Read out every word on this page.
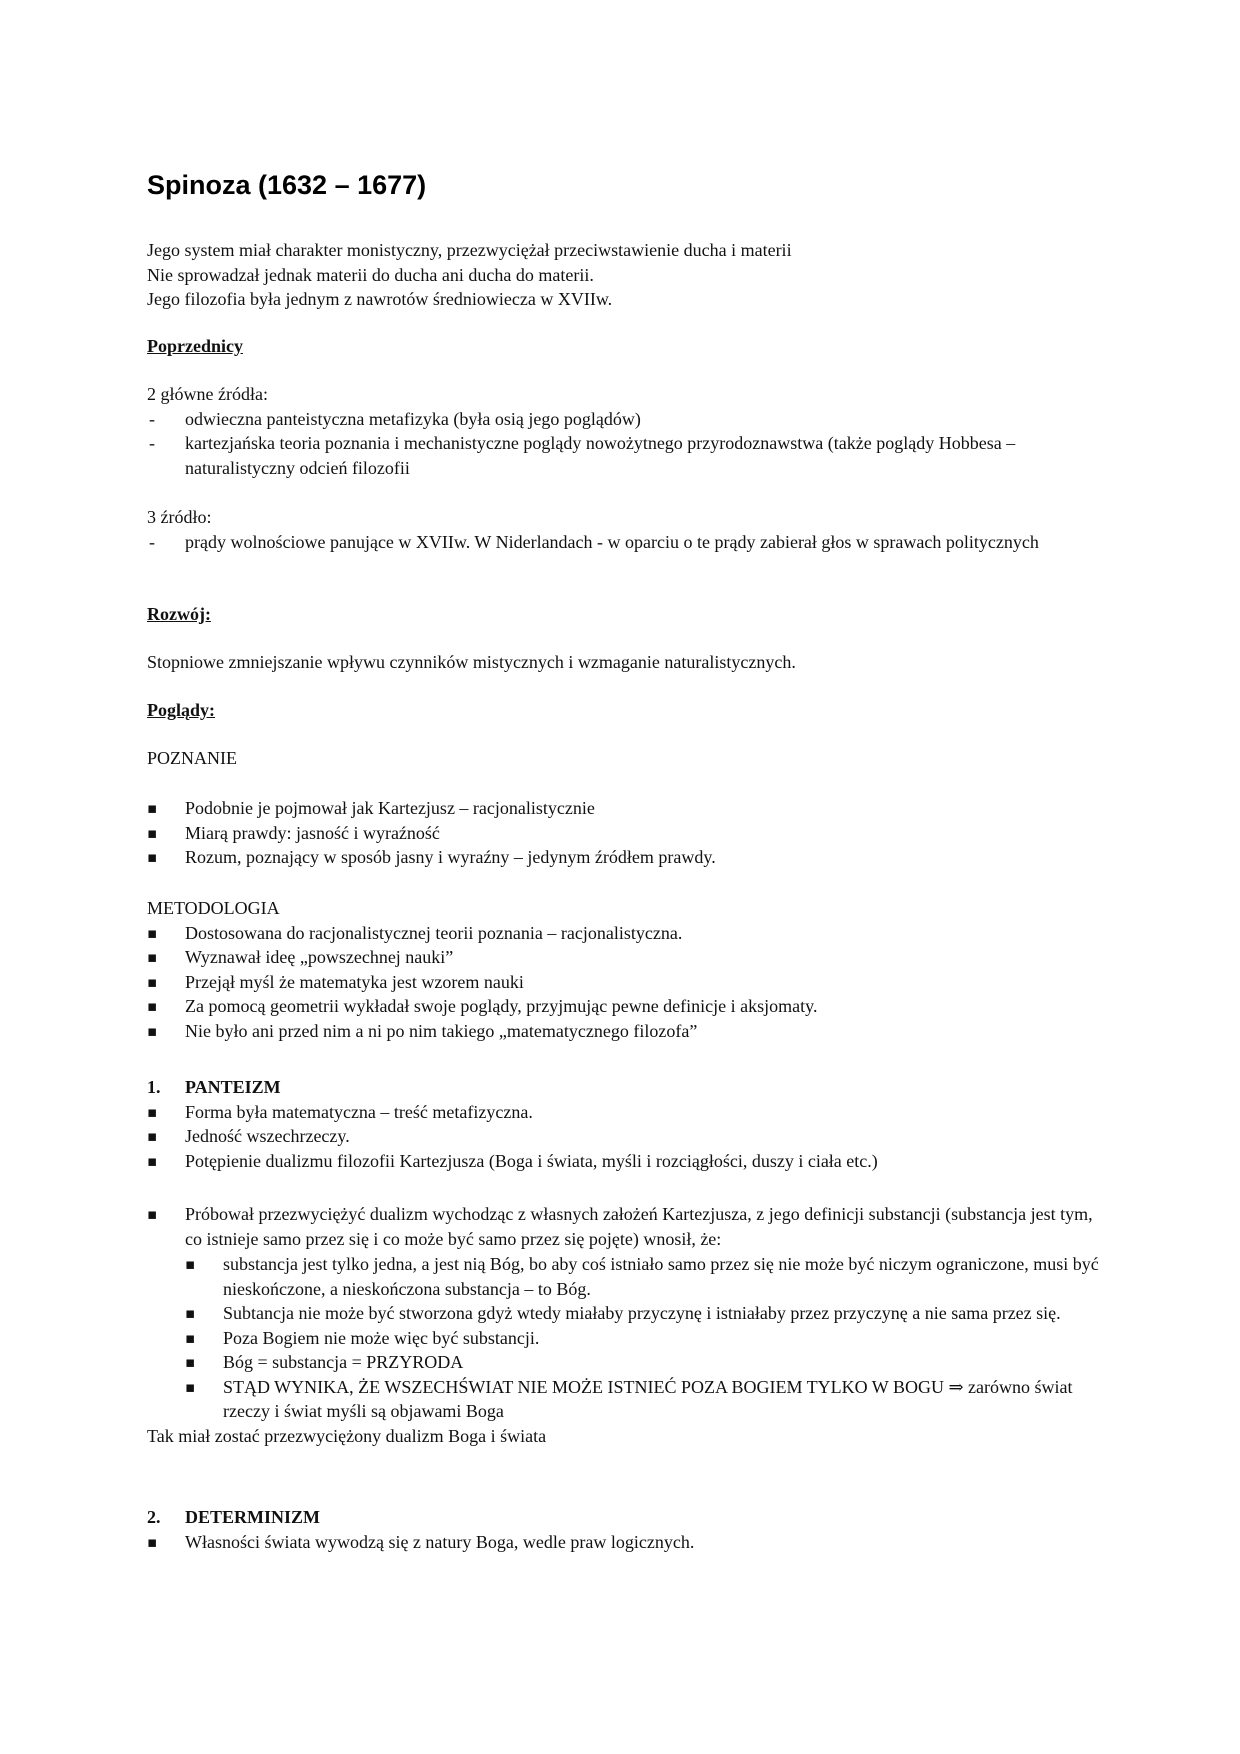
Spinoza (1632 – 1677)

Jego system miał charakter monistyczny, przezwyciężał przeciwstawienie ducha i materii

Nie sprowadzał jednak materii do ducha ani ducha do materii.

Jego filozofia była jednym z nawrotów średniowiecza w XVIIw.

Poprzednicy

2 główne źródła:

- odwieczna panteistyczna metafizyka (była osią jego poglądów)
- kartezjańska teoria poznania i mechanistyczne poglądy nowożytnego przyrodoznawstwa (także poglądy Hobbesa – naturalistyczny odcień filozofii

3 źródło:

- prądy wolnościowe panujące w XVIIw. W Niderlandach - w oparciu o te prądy zabierał głos w sprawach politycznych

Rozwój:

Stopniowe zmniejszanie wpływu czynników mistycznych i wzmaganie naturalistycznych.

Poglądy:

POZNANIE

▪ Podobnie je pojmował jak Kartezjusz – racjonalistycznie
▪ Miarą prawdy: jasność i wyraźność
▪ Rozum, poznający w sposób jasny i wyraźny – jedynym źródłem prawdy.

METODOLOGIA

▪ Dostosowana do racjonalistycznej teorii poznania – racjonalistyczna.
▪ Wyznawał ideę „powszechnej nauki”
▪ Przejął myśl że matematyka jest wzorem nauki
▪ Za pomocą geometrii wykładał swoje poglądy, przyjmując pewne definicje i aksjomaty.
▪ Nie było ani przed nim a ni po nim takiego „matematycznego filozofa”

1. PANTEIZM

▪ Forma była matematyczna – treść metafizyczna.
▪ Jedność wszechrzeczy.
▪ Potępienie dualizmu filozofii Kartezjusza (Boga i świata, myśli i rozciągłości, duszy i ciała etc.)
▪ Próbował przezwyciężyć dualizm wychodząc z własnych założeń Kartezjusza, z jego definicji substancji (substancja jest tym, co istnieje samo przez się i co może być samo przez się pojęte) wnosił, że:
▪ substancja jest tylko jedna, a jest nią Bóg, bo aby coś istniało samo przez się nie może być niczym ograniczone, musi być nieskończone, a nieskończona substancja – to Bóg.
▪ Subtancja nie może być stworzona gdyż wtedy miałaby przyczynę i istniałaby przez przyczynę a nie sama przez się.
▪ Poza Bogiem nie może więc być substancji.
▪ Bóg = substancja = PRZYRODA
▪ STĄD WYNIKA, ŻE WSZECHŚWIAT NIE MOŻE ISTNIEĆ POZA BOGIEM TYLKO W BOGU ⇒ zarówno świat rzeczy i świat myśli są objawami Boga

Tak miał zostać przezwyciężony dualizm Boga i świata

2. DETERMINIZM

▪ Własności świata wywodzą się z natury Boga, wedle praw logicznych.
